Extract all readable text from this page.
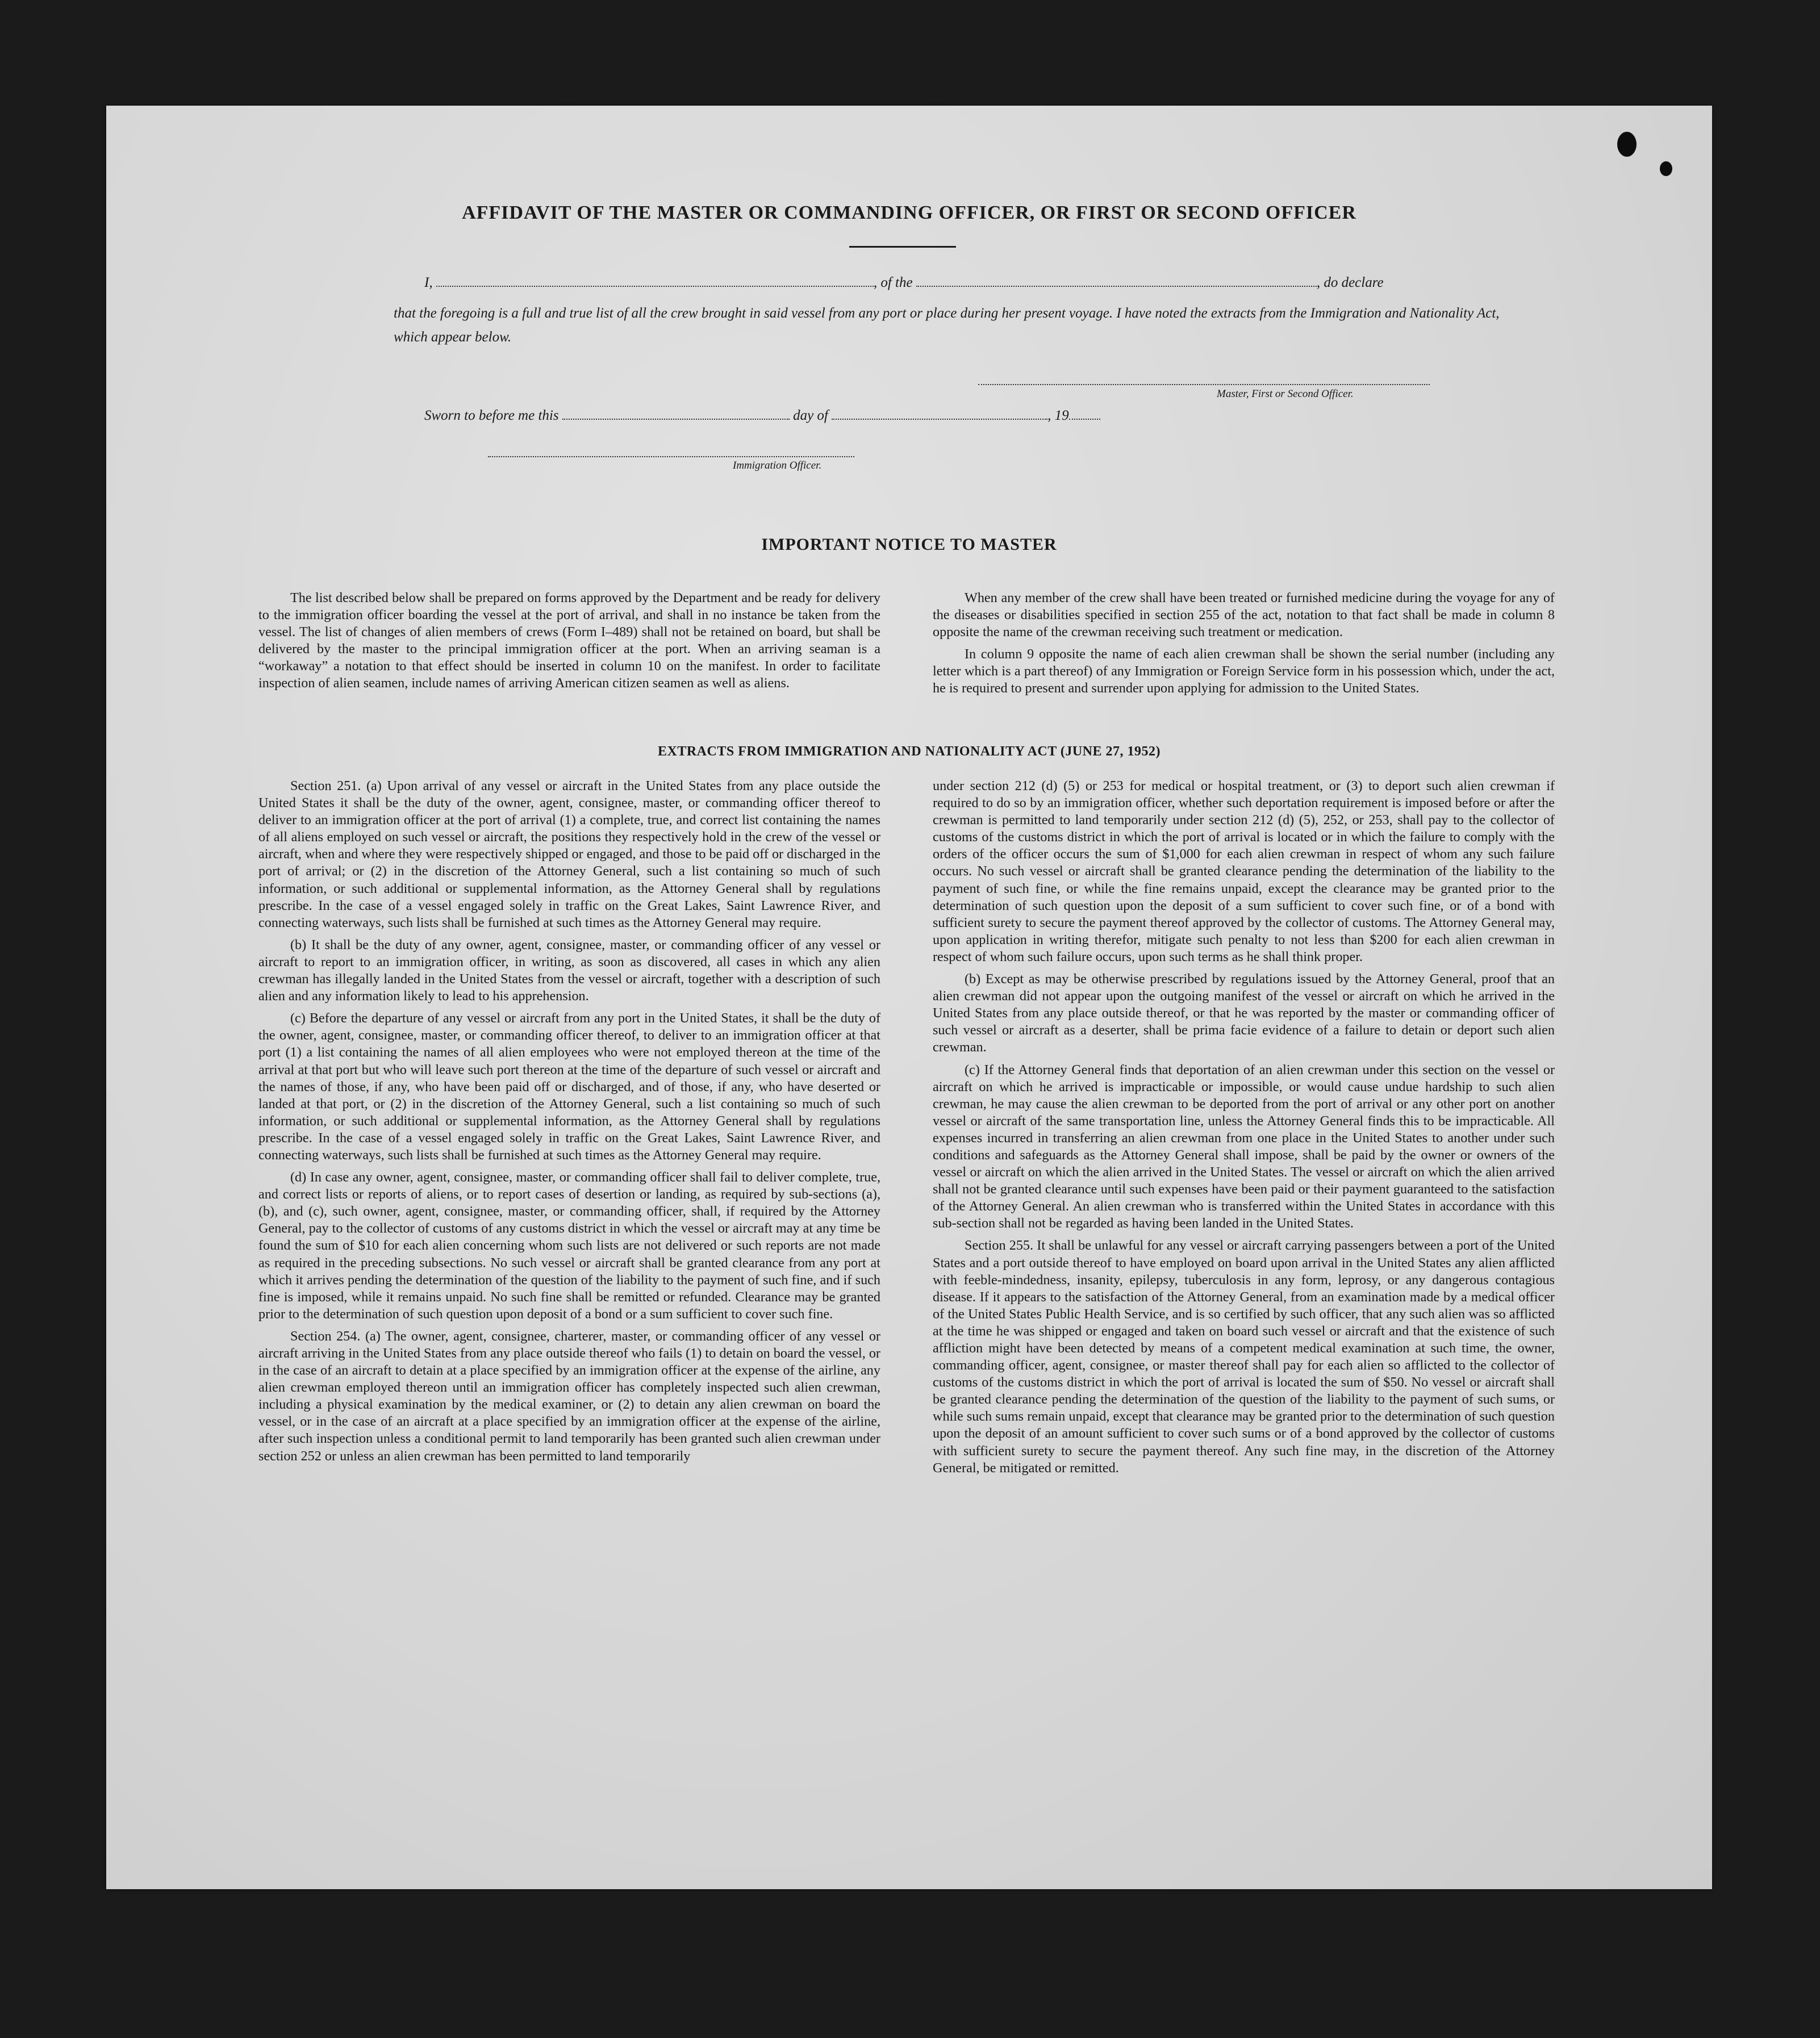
AFFIDAVIT OF THE MASTER OR COMMANDING OFFICER, OR FIRST OR SECOND OFFICER
I,	, of the	, do declare
that the foregoing is a full and true list of all the crew brought in said vessel from any port or place during her present voyage. I have noted the extracts from the Immigration and Nationality Act, which appear below.
Master, First or Second Officer.
Sworn to before me this	day of	, 19
Immigration Officer.
IMPORTANT NOTICE TO MASTER

The list described below shall be prepared on forms approved by the Department and be ready for delivery to the immigration officer boarding the vessel at the port of arrival, and shall in no instance be taken from the vessel. The list of changes of alien members of crews (Form I–489) shall not be retained on board, but shall be delivered by the master to the principal immigration officer at the port. When an arriving seaman is a “workaway” a notation to that effect should be inserted in column 10 on the manifest. In order to facilitate inspection of alien seamen, include names of arriving American citizen seamen as well as aliens.

When any member of the crew shall have been treated or furnished medicine during the voyage for any of the diseases or disabilities specified in section 255 of the act, notation to that fact shall be made in column 8 opposite the name of the crewman receiving such treatment or medication.

In column 9 opposite the name of each alien crewman shall be shown the serial number (including any letter which is a part thereof) of any Immigration or Foreign Service form in his possession which, under the act, he is required to present and surrender upon applying for admission to the United States.

EXTRACTS FROM IMMIGRATION AND NATIONALITY ACT (JUNE 27, 1952)

Section 251. (a) Upon arrival of any vessel or aircraft in the United States from any place outside the United States it shall be the duty of the owner, agent, consignee, master, or commanding officer thereof to deliver to an immigration officer at the port of arrival (1) a complete, true, and correct list containing the names of all aliens employed on such vessel or aircraft, the positions they respectively hold in the crew of the vessel or aircraft, when and where they were respectively shipped or engaged, and those to be paid off or discharged in the port of arrival; or (2) in the discretion of the Attorney General, such a list containing so much of such information, or such additional or supplemental information, as the Attorney General shall by regulations prescribe. In the case of a vessel engaged solely in traffic on the Great Lakes, Saint Lawrence River, and connecting waterways, such lists shall be furnished at such times as the Attorney General may require.

(b) It shall be the duty of any owner, agent, consignee, master, or commanding officer of any vessel or aircraft to report to an immigration officer, in writing, as soon as discovered, all cases in which any alien crewman has illegally landed in the United States from the vessel or aircraft, together with a description of such alien and any information likely to lead to his apprehension.

(c) Before the departure of any vessel or aircraft from any port in the United States, it shall be the duty of the owner, agent, consignee, master, or commanding officer thereof, to deliver to an immigration officer at that port (1) a list containing the names of all alien employees who were not employed thereon at the time of the arrival at that port but who will leave such port thereon at the time of the departure of such vessel or aircraft and the names of those, if any, who have been paid off or discharged, and of those, if any, who have deserted or landed at that port, or (2) in the discretion of the Attorney General, such a list containing so much of such information, or such additional or supplemental information, as the Attorney General shall by regulations prescribe. In the case of a vessel engaged solely in traffic on the Great Lakes, Saint Lawrence River, and connecting waterways, such lists shall be furnished at such times as the Attorney General may require.

(d) In case any owner, agent, consignee, master, or commanding officer shall fail to deliver complete, true, and correct lists or reports of aliens, or to report cases of desertion or landing, as required by sub-sections (a), (b), and (c), such owner, agent, consignee, master, or commanding officer, shall, if required by the Attorney General, pay to the collector of customs of any customs district in which the vessel or aircraft may at any time be found the sum of $10 for each alien concerning whom such lists are not delivered or such reports are not made as required in the preceding subsections. No such vessel or aircraft shall be granted clearance from any port at which it arrives pending the determination of the question of the liability to the payment of such fine, and if such fine is imposed, while it remains unpaid. No such fine shall be remitted or refunded. Clearance may be granted prior to the determination of such question upon deposit of a bond or a sum sufficient to cover such fine.

Section 254. (a) The owner, agent, consignee, charterer, master, or commanding officer of any vessel or aircraft arriving in the United States from any place outside thereof who fails (1) to detain on board the vessel, or in the case of an aircraft to detain at a place specified by an immigration officer at the expense of the airline, any alien crewman employed thereon until an immigration officer has completely inspected such alien crewman, including a physical examination by the medical examiner, or (2) to detain any alien crewman on board the vessel, or in the case of an aircraft at a place specified by an immigration officer at the expense of the airline, after such inspection unless a conditional permit to land temporarily has been granted such alien crewman under section 252 or unless an alien crewman has been permitted to land temporarily

under section 212 (d) (5) or 253 for medical or hospital treatment, or (3) to deport such alien crewman if required to do so by an immigration officer, whether such deportation requirement is imposed before or after the crewman is permitted to land temporarily under section 212 (d) (5), 252, or 253, shall pay to the collector of customs of the customs district in which the port of arrival is located or in which the failure to comply with the orders of the officer occurs the sum of $1,000 for each alien crewman in respect of whom any such failure occurs. No such vessel or aircraft shall be granted clearance pending the determination of the liability to the payment of such fine, or while the fine remains unpaid, except the clearance may be granted prior to the determination of such question upon the deposit of a sum sufficient to cover such fine, or of a bond with sufficient surety to secure the payment thereof approved by the collector of customs. The Attorney General may, upon application in writing therefor, mitigate such penalty to not less than $200 for each alien crewman in respect of whom such failure occurs, upon such terms as he shall think proper.

(b) Except as may be otherwise prescribed by regulations issued by the Attorney General, proof that an alien crewman did not appear upon the outgoing manifest of the vessel or aircraft on which he arrived in the United States from any place outside thereof, or that he was reported by the master or commanding officer of such vessel or aircraft as a deserter, shall be prima facie evidence of a failure to detain or deport such alien crewman.

(c) If the Attorney General finds that deportation of an alien crewman under this section on the vessel or aircraft on which he arrived is impracticable or impossible, or would cause undue hardship to such alien crewman, he may cause the alien crewman to be deported from the port of arrival or any other port on another vessel or aircraft of the same transportation line, unless the Attorney General finds this to be impracticable. All expenses incurred in transferring an alien crewman from one place in the United States to another under such conditions and safeguards as the Attorney General shall impose, shall be paid by the owner or owners of the vessel or aircraft on which the alien arrived in the United States. The vessel or aircraft on which the alien arrived shall not be granted clearance until such expenses have been paid or their payment guaranteed to the satisfaction of the Attorney General. An alien crewman who is transferred within the United States in accordance with this sub-section shall not be regarded as having been landed in the United States.

Section 255. It shall be unlawful for any vessel or aircraft carrying passengers between a port of the United States and a port outside thereof to have employed on board upon arrival in the United States any alien afflicted with feeble-mindedness, insanity, epilepsy, tuberculosis in any form, leprosy, or any dangerous contagious disease. If it appears to the satisfaction of the Attorney General, from an examination made by a medical officer of the United States Public Health Service, and is so certified by such officer, that any such alien was so afflicted at the time he was shipped or engaged and taken on board such vessel or aircraft and that the existence of such affliction might have been detected by means of a competent medical examination at such time, the owner, commanding officer, agent, consignee, or master thereof shall pay for each alien so afflicted to the collector of customs of the customs district in which the port of arrival is located the sum of $50. No vessel or aircraft shall be granted clearance pending the determination of the question of the liability to the payment of such sums, or while such sums remain unpaid, except that clearance may be granted prior to the determination of such question upon the deposit of an amount sufficient to cover such sums or of a bond approved by the collector of customs with sufficient surety to secure the payment thereof. Any such fine may, in the discretion of the Attorney General, be mitigated or remitted.
